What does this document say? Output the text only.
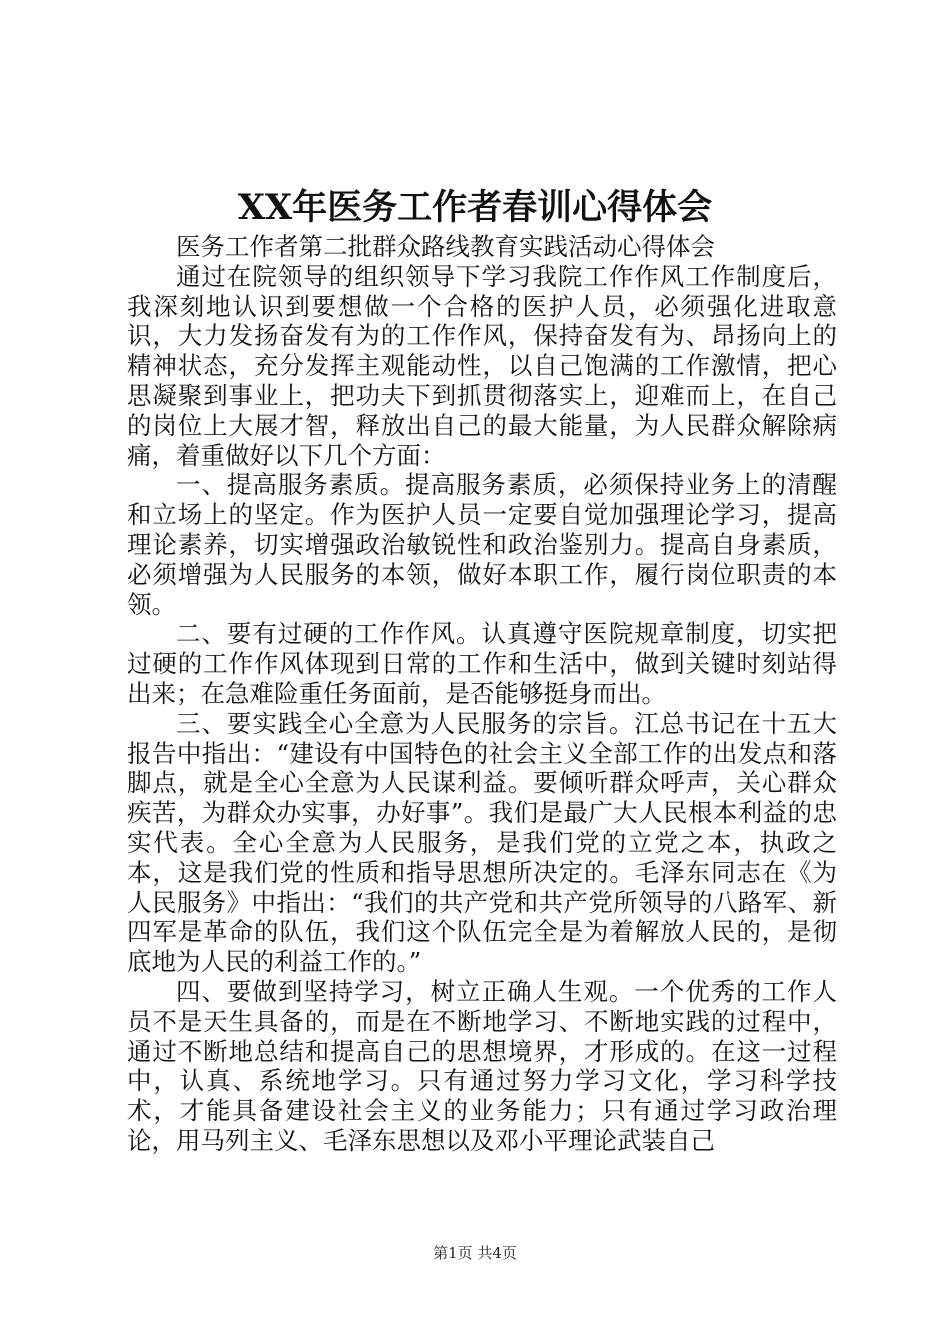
XX年医务工作者春训心得体会

医务工作者第二批群众路线教育实践活动心得体会

通过在院领导的组织领导下学习我院工作作风工作制度后，我深刻地认识到要想做一个合格的医护人员，必须强化进取意识，大力发扬奋发有为的工作作风，保持奋发有为、昂扬向上的精神状态，充分发挥主观能动性，以自己饱满的工作激情，把心思凝聚到事业上，把功夫下到抓贯彻落实上，迎难而上，在自己的岗位上大展才智，释放出自己的最大能量，为人民群众解除病痛，着重做好以下几个方面：

一、提高服务素质。提高服务素质，必须保持业务上的清醒和立场上的坚定。作为医护人员一定要自觉加强理论学习，提高理论素养，切实增强政治敏锐性和政治鉴别力。提高自身素质，必须增强为人民服务的本领，做好本职工作，履行岗位职责的本领。

二、要有过硬的工作作风。认真遵守医院规章制度，切实把过硬的工作作风体现到日常的工作和生活中，做到关键时刻站得出来；在急难险重任务面前，是否能够挺身而出。

三、要实践全心全意为人民服务的宗旨。江总书记在十五大报告中指出：“建设有中国特色的社会主义全部工作的出发点和落脚点，就是全心全意为人民谋利益。要倾听群众呼声，关心群众疾苦，为群众办实事，办好事”。我们是最广大人民根本利益的忠实代表。全心全意为人民服务，是我们党的立党之本，执政之本，这是我们党的性质和指导思想所决定的。毛泽东同志在《为人民服务》中指出：“我们的共产党和共产党所领导的八路军、新四军是革命的队伍，我们这个队伍完全是为着解放人民的，是彻底地为人民的利益工作的。”

四、要做到坚持学习，树立正确人生观。一个优秀的工作人员不是天生具备的，而是在不断地学习、不断地实践的过程中，通过不断地总结和提高自己的思想境界，才形成的。在这一过程中，认真、系统地学习。只有通过努力学习文化，学习科学技术，才能具备建设社会主义的业务能力；只有通过学习政治理论，用马列主义、毛泽东思想以及邓小平理论武装自己

第1页 共4页
